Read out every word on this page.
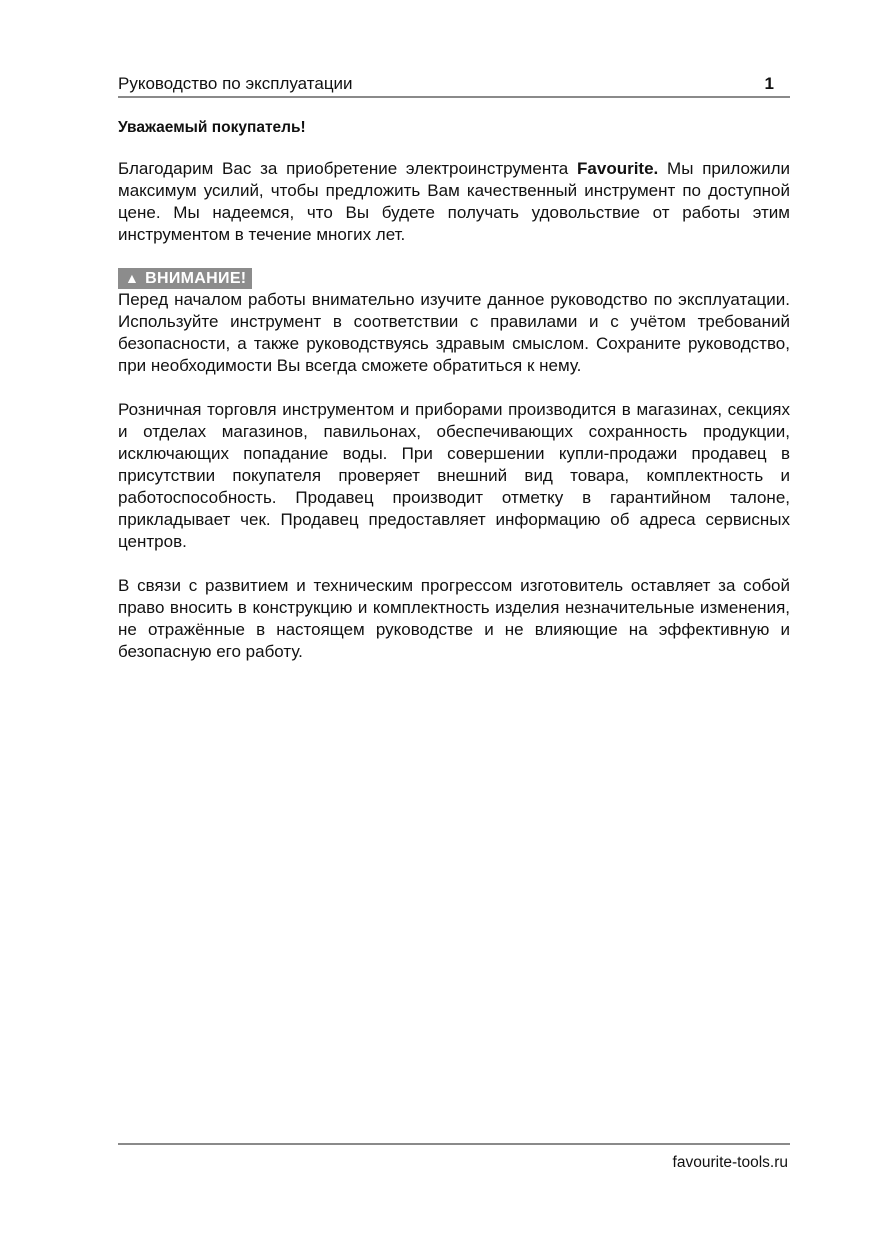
Руководство по эксплуатации	1

Уважаемый покупатель!

Благодарим Вас за приобретение электроинструмента Favourite. Мы приложили максимум усилий, чтобы предложить Вам качественный инструмент по доступной цене. Мы надеемся, что Вы будете получать удовольствие от работы этим инструментом в течение многих лет.

▲ ВНИМАНИЕ!

Перед началом работы внимательно изучите данное руководство по эксплуатации. Используйте инструмент в соответствии с правилами и с учётом требований безопасности, а также руководствуясь здравым смыслом. Сохраните руководство, при необходимости Вы всегда сможете обратиться к нему.

Розничная торговля инструментом и приборами производится в магазинах, секциях и отделах магазинов, павильонах, обеспечивающих сохранность продукции, исключающих попадание воды. При совершении купли-продажи продавец в присутствии покупателя проверяет внешний вид товара, комплектность и работоспособность. Продавец производит отметку в гарантийном талоне, прикладывает чек. Продавец предоставляет информацию об адреса сервисных центров.

В связи с развитием и техническим прогрессом изготовитель оставляет за собой право вносить в конструкцию и комплектность изделия незначительные изменения, не отражённые в настоящем руководстве и не влияющие на эффективную и безопасную его работу.

favourite-tools.ru
